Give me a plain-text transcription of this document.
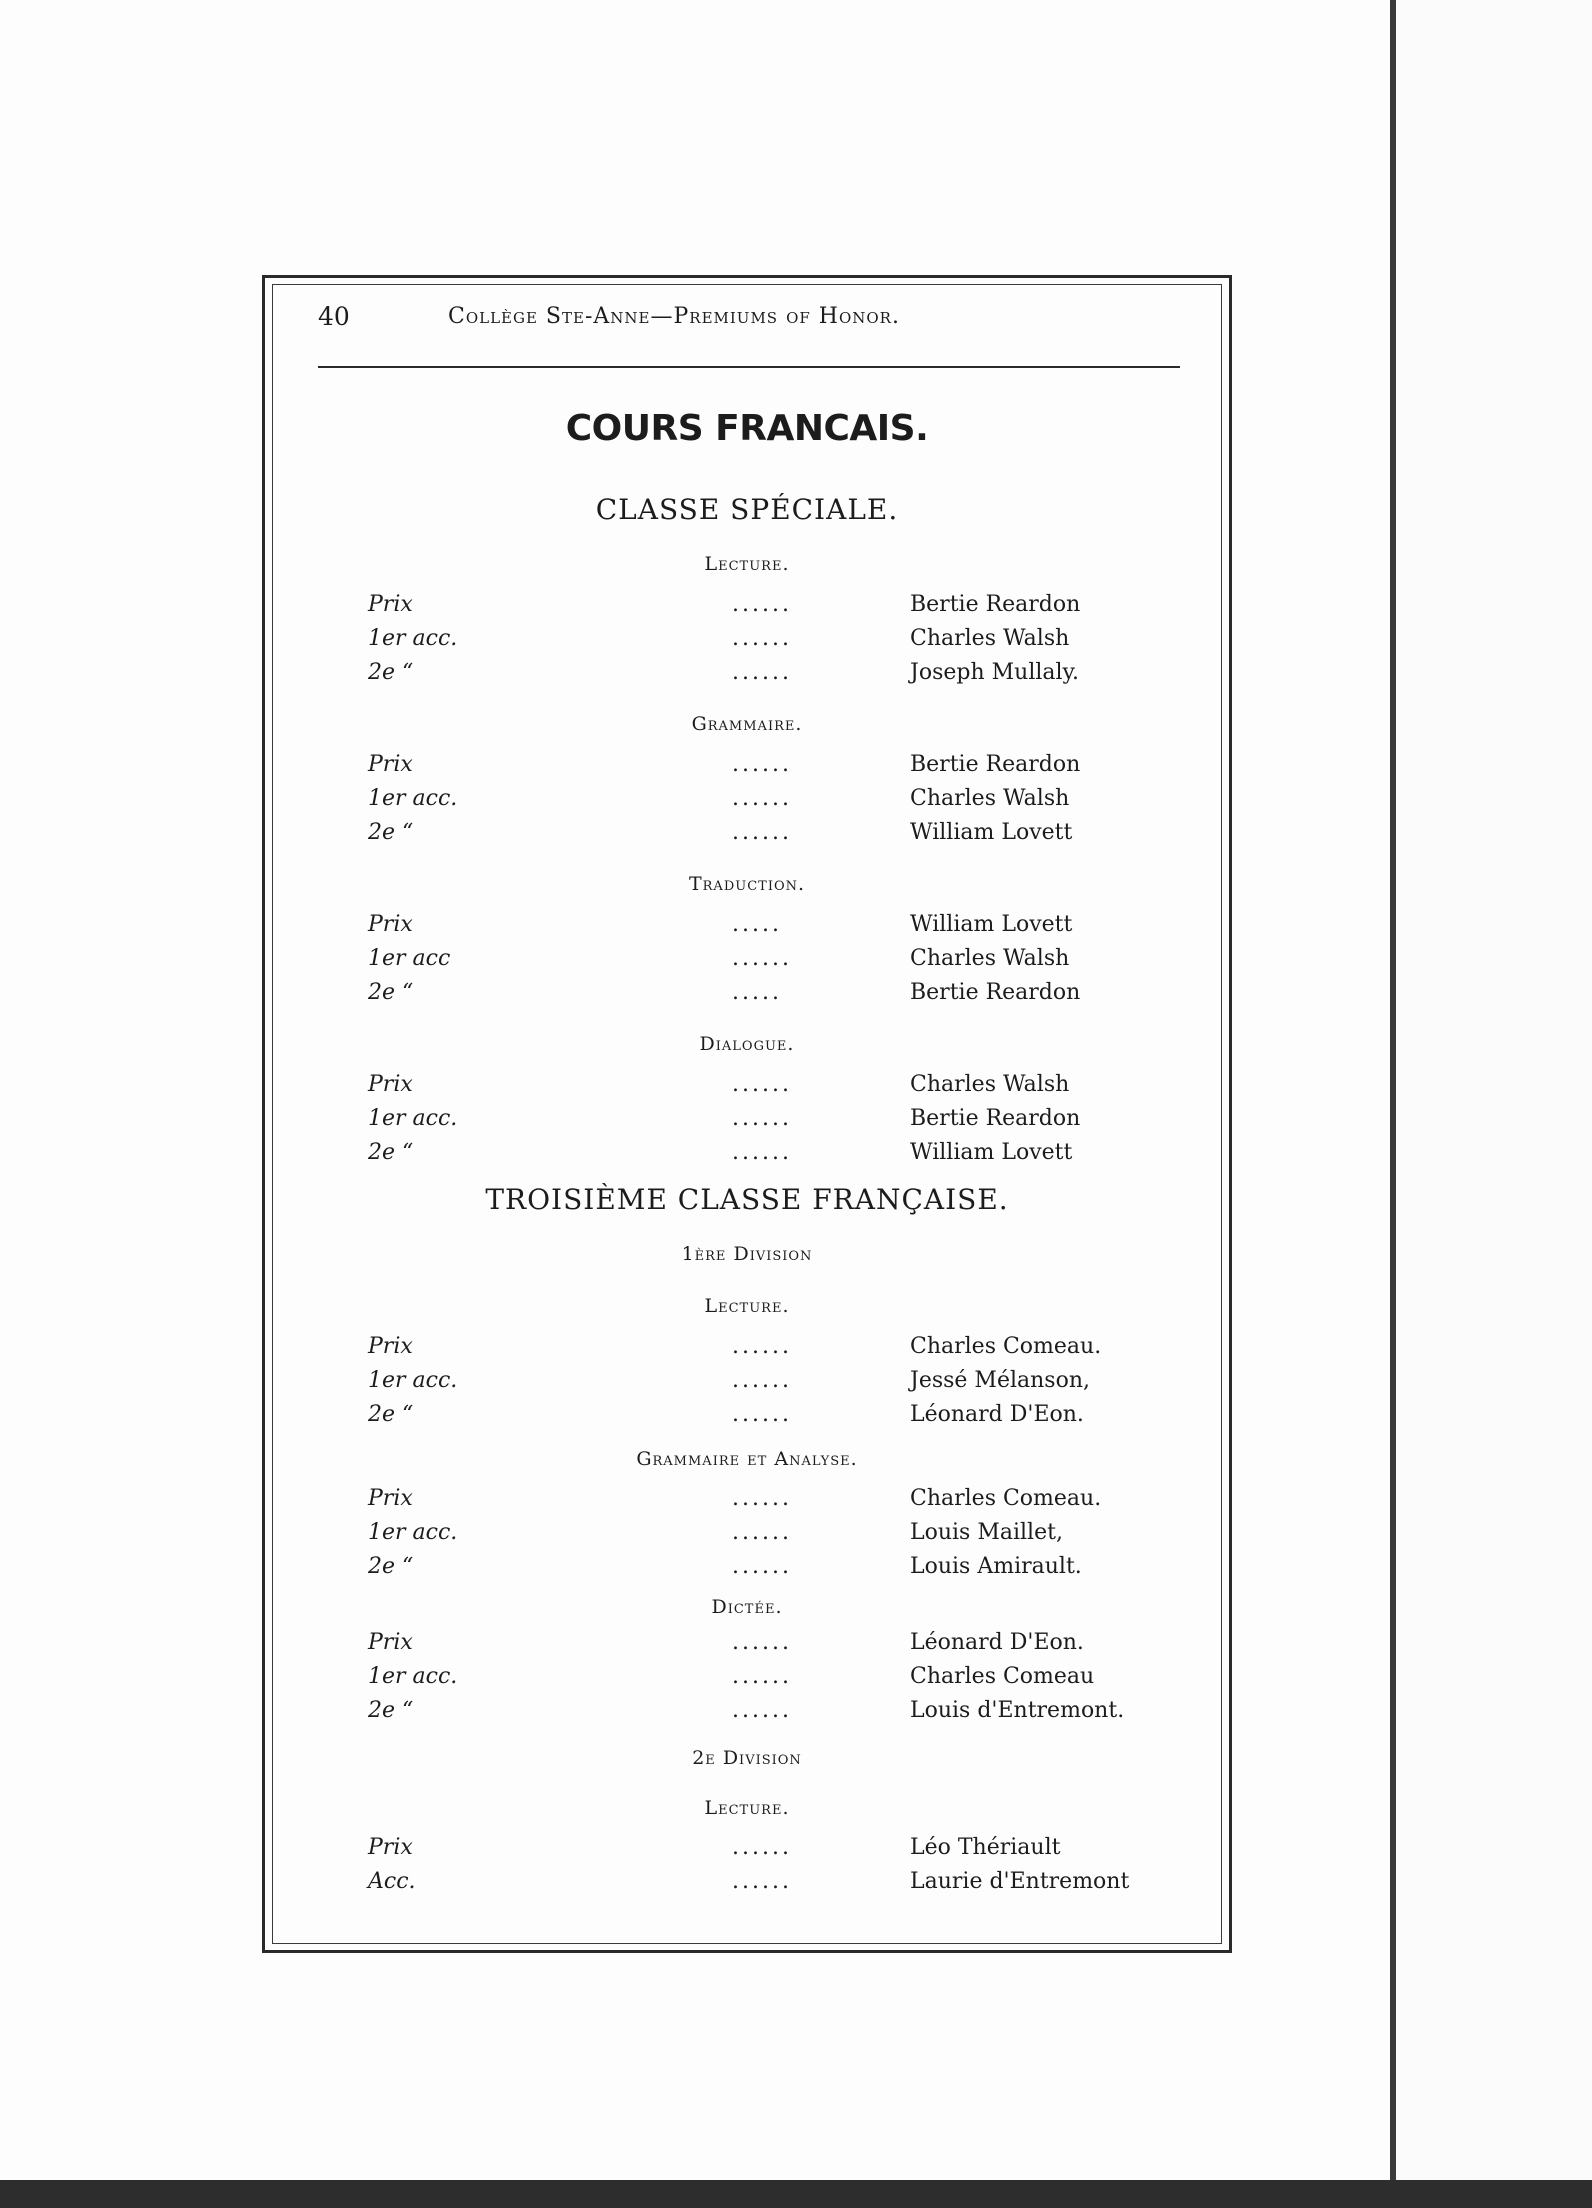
40	Collège Ste-Anne—Premiums of Honor.
COURS FRANCAIS.
CLASSE SPÉCIALE.
Lecture.
Prix	......	Bertie Reardon
1er acc.	......	Charles Walsh
2e “	......	Joseph Mullaly.
Grammaire.
Prix	......	Bertie Reardon
1er acc.	......	Charles Walsh
2e “	......	William Lovett
Traduction.
Prix	.....	William Lovett
1er acc	......	Charles Walsh
2e “	.....	Bertie Reardon
Dialogue.
Prix	......	Charles Walsh
1er acc.	......	Bertie Reardon
2e “	......	William Lovett
TROISIÈME CLASSE FRANÇAISE.
1ère Division
Lecture.
Prix	......	Charles Comeau.
1er acc.	......	Jessé Mélanson,
2e “	......	Léonard D'Eon.
Grammaire et Analyse.
Prix	......	Charles Comeau.
1er acc.	......	Louis Maillet,
2e “	......	Louis Amirault.
Dictée.
Prix	......	Léonard D'Eon.
1er acc.	......	Charles Comeau
2e “	......	Louis d'Entremont.
2e Division
Lecture.
Prix	......	Léo Thériault
Acc.	......	Laurie d'Entremont
